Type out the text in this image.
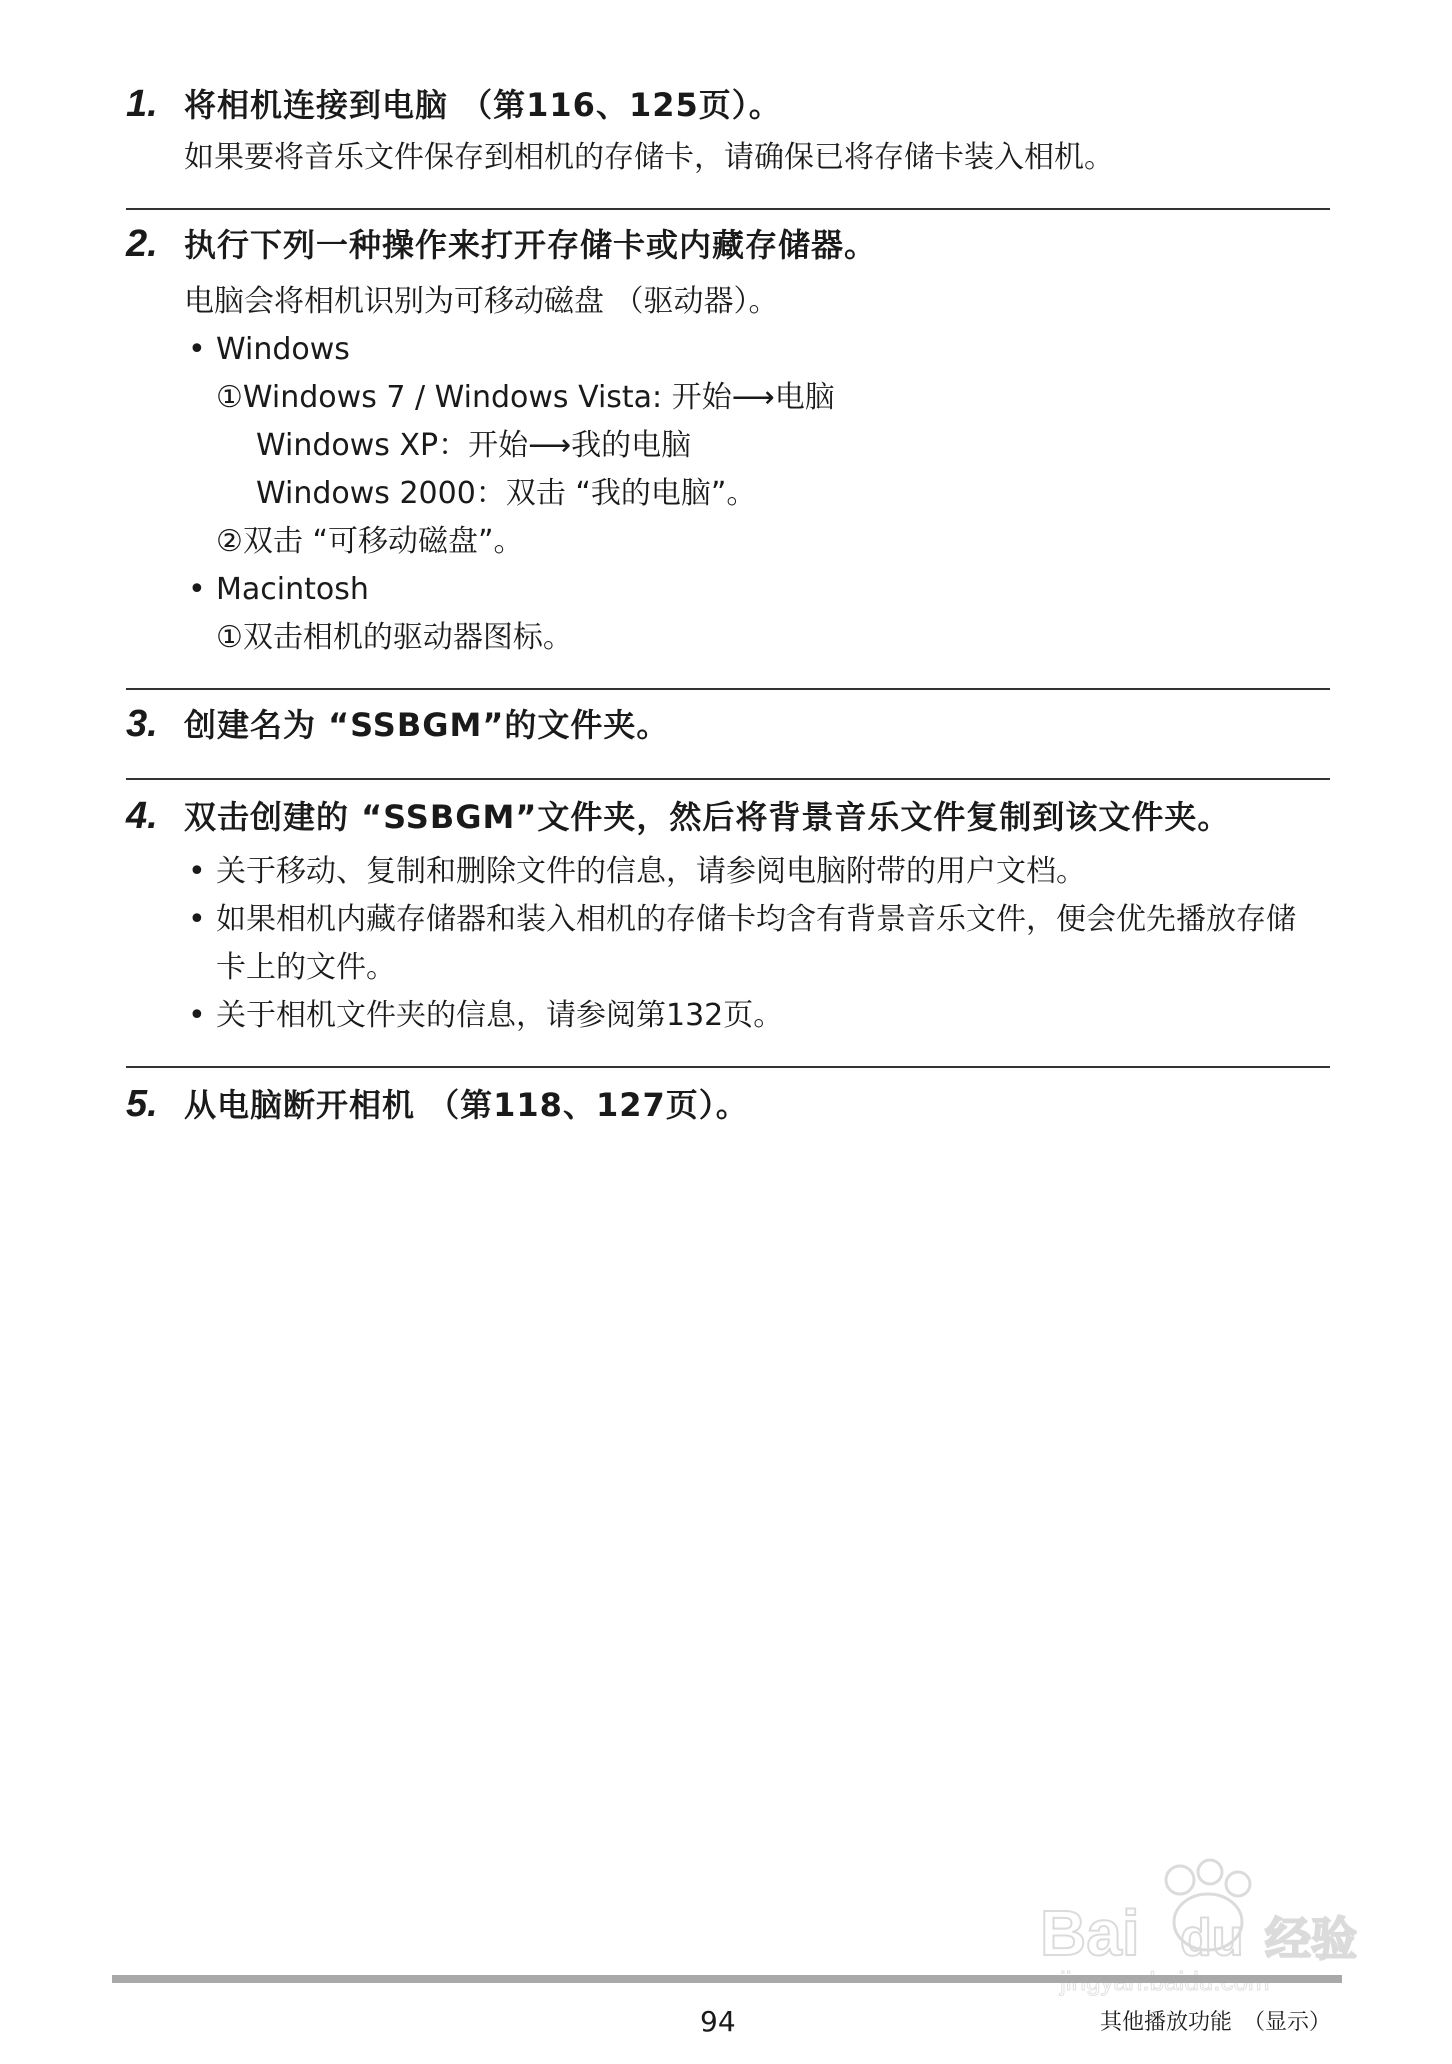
1. 将相机连接到电脑 （第116、125页）。
如果要将音乐文件保存到相机的存储卡，请确保已将存储卡装入相机。
2. 执行下列一种操作来打开存储卡或内藏存储器。
电脑会将相机识别为可移动磁盘 （驱动器）。
• Windows
①Windows 7 / Windows Vista: 开始⟶电脑
Windows XP：开始⟶我的电脑
Windows 2000：双击 “我的电脑”。
②双击 “可移动磁盘”。
• Macintosh
①双击相机的驱动器图标。
3. 创建名为 “SSBGM”的文件夹。
4. 双击创建的 “SSBGM”文件夹，然后将背景音乐文件复制到该文件夹。
• 关于移动、复制和删除文件的信息，请参阅电脑附带的用户文档。
• 如果相机内藏存储器和装入相机的存储卡均含有背景音乐文件，便会优先播放存储卡上的文件。
• 关于相机文件夹的信息，请参阅第132页。
5. 从电脑断开相机 （第118、127页）。
Bai du 经验
94	其他播放功能　（显示）
